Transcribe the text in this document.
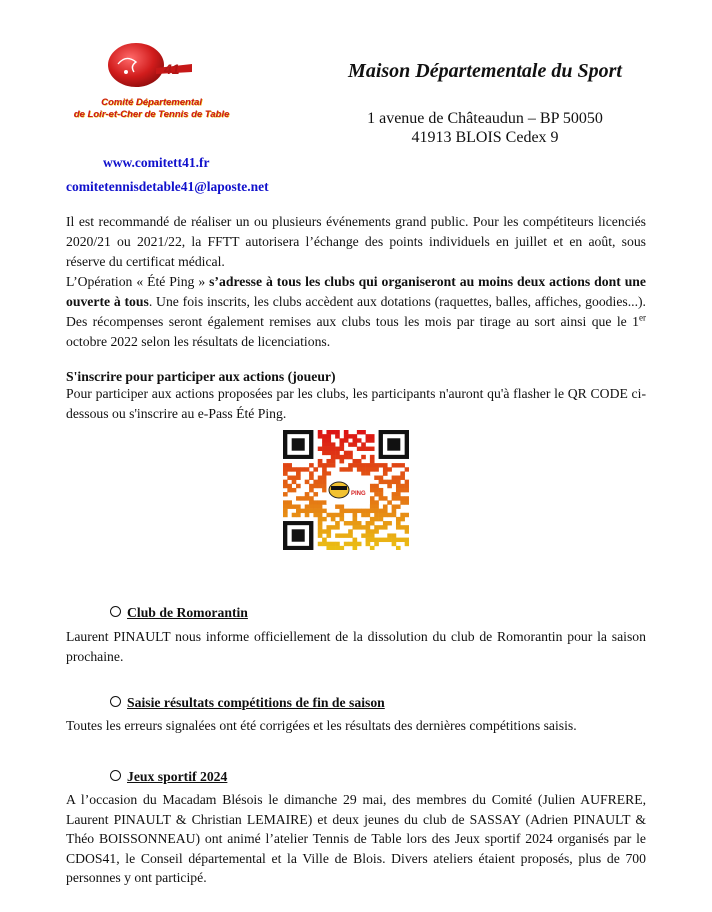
41
Comité Départemental
de Loir-et-Cher de Tennis de Table
Maison Départementale du Sport
1 avenue de Châteaudun – BP 50050
41913 BLOIS Cedex 9
www.comitett41.fr
comitetennisdetable41@laposte.net

Il est recommandé de réaliser un ou plusieurs événements grand public. Pour les compétiteurs licenciés 2020/21 ou 2021/22, la FFTT autorisera l’échange des points individuels en juillet et en août, sous réserve du certificat médical.

L’Opération « Été Ping » s’adresse à tous les clubs qui organiseront au moins deux actions dont une ouverte à tous. Une fois inscrits, les clubs accèdent aux dotations (raquettes, balles, affiches, goodies...). Des récompenses seront également remises aux clubs tous les mois par tirage au sort ainsi que le 1er octobre 2022 selon les résultats de licenciations.

S'inscrire pour participer aux actions (joueur)
Pour participer aux actions proposées par les clubs, les participants n'auront qu'à flasher le QR CODE ci-dessous ou s'inscrire au e-Pass Été Ping.
PING
Club de Romorantin
Laurent PINAULT nous informe officiellement de la dissolution du club de Romorantin pour la saison prochaine.
Saisie résultats compétitions de fin de saison
Toutes les erreurs signalées ont été corrigées et les résultats des dernières compétitions saisis.
Jeux sportif 2024
A l’occasion du Macadam Blésois le dimanche 29 mai, des membres du Comité (Julien AUFRERE, Laurent PINAULT & Christian LEMAIRE) et deux jeunes du club de SASSAY (Adrien PINAULT & Théo BOISSONNEAU) ont animé l’atelier Tennis de Table lors des Jeux sportif 2024 organisés par le CDOS41, le Conseil départemental et la Ville de Blois. Divers ateliers étaient proposés, plus de 700 personnes y ont participé.
